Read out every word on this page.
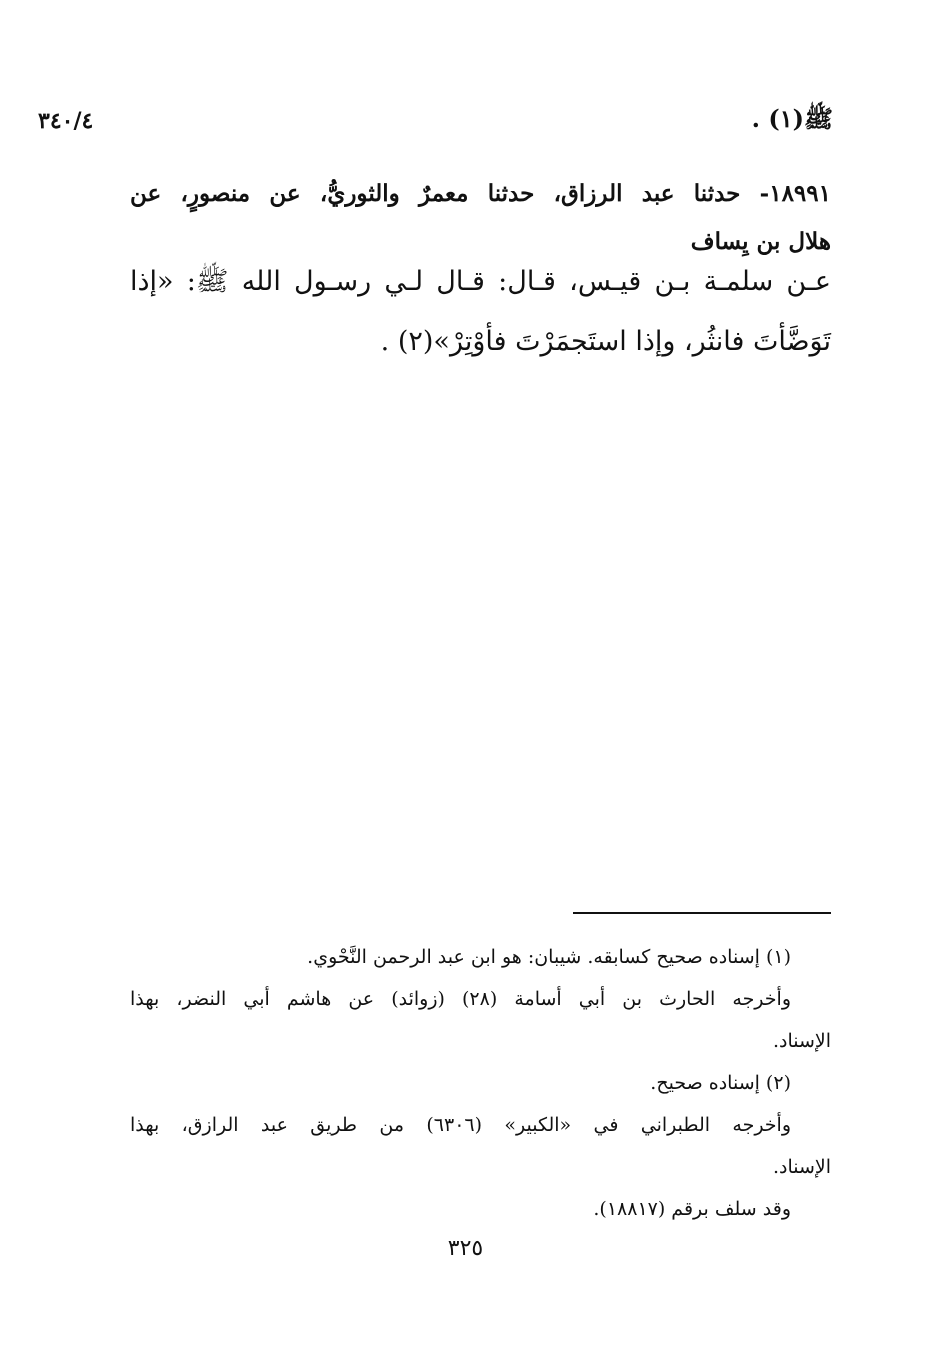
٣٤٠/٤	ﷺ(١) .
١٨٩٩١- حدثنا عبد الرزاق، حدثنا معمرٌ والثوريُّ، عن منصورٍ، عن
هلال بن يِساف
عـن سلمـة بـن قيـس، قـال: قـال لـي رسـول الله ﷺ: «إذا
تَوَضَّأتَ فانثُر، وإذا استَجمَرْتَ فأوْتِرْ»(٢) .
(١) إسناده صحيح كسابقه. شيبان: هو ابن عبد الرحمن النَّحْوي.
وأخرجه الحارث بن أبي أسامة (٢٨) (زوائد) عن هاشم أبي النضر، بهذا
الإسناد.
(٢) إسناده صحيح.
وأخرجه الطبراني في «الكبير» (٦٣٠٦) من طريق عبد الرازق، بهذا
الإسناد.
وقد سلف برقم (١٨٨١٧).
٣٢٥
